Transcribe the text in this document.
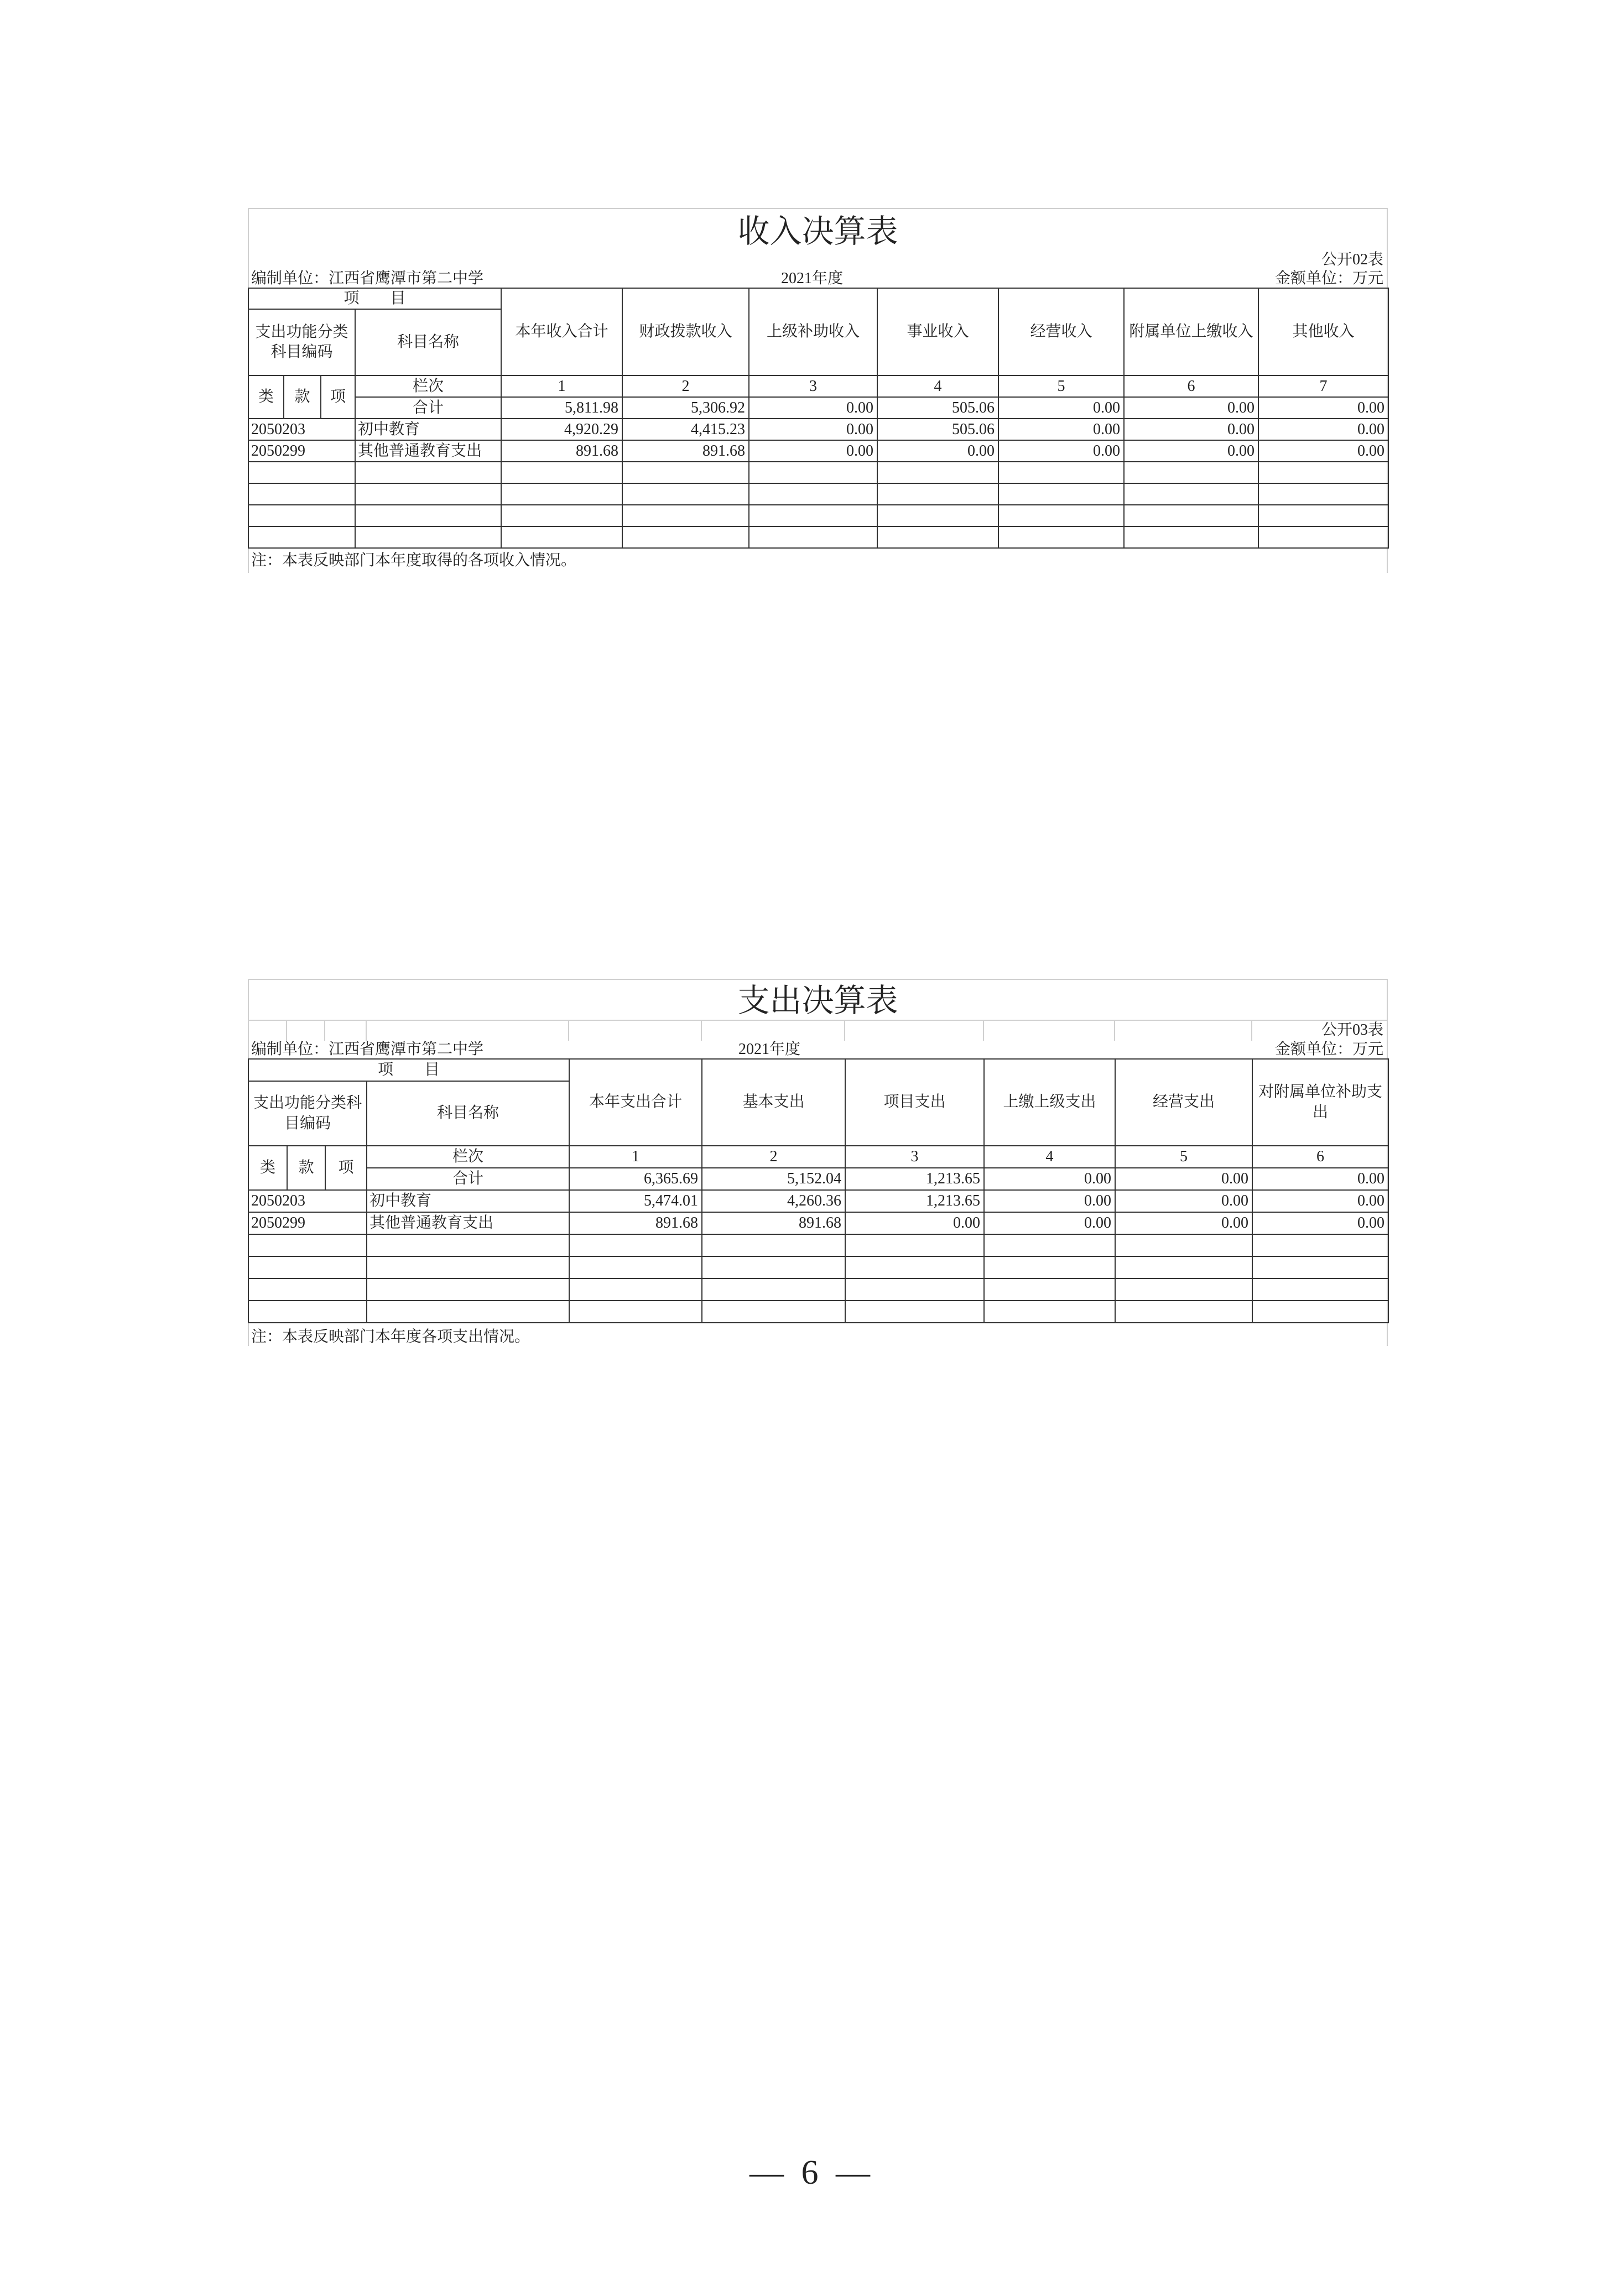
收入决算表
公开02表
编制单位：江西省鹰潭市第二中学	2021年度	金额单位：万元
项　　目				本年收入合计	财政拨款收入	上级补助收入	事业收入	经营收入	附属单位上缴收入	其他收入
支出功能分类科目编码			科目名称							
类	款	项	栏次	1	2	3	4	5	6	7
			合计	5,811.98	5,306.92	0.00	505.06	0.00	0.00	0.00
2050203			初中教育	4,920.29	4,415.23	0.00	505.06	0.00	0.00	0.00
2050299			其他普通教育支出	891.68	891.68	0.00	0.00	0.00	0.00	0.00

注：本表反映部门本年度取得的各项收入情况。
支出决算表
公开03表
编制单位：江西省鹰潭市第二中学	2021年度	金额单位：万元
项　　目				本年支出合计	基本支出	项目支出	上缴上级支出	经营支出	对附属单位补助支出
支出功能分类科目编码			科目名称						
类	款	项	栏次	1	2	3	4	5	6
			合计	6,365.69	5,152.04	1,213.65	0.00	0.00	0.00
2050203			初中教育	5,474.01	4,260.36	1,213.65	0.00	0.00	0.00
2050299			其他普通教育支出	891.68	891.68	0.00	0.00	0.00	0.00

注：本表反映部门本年度各项支出情况。
— 6 —
